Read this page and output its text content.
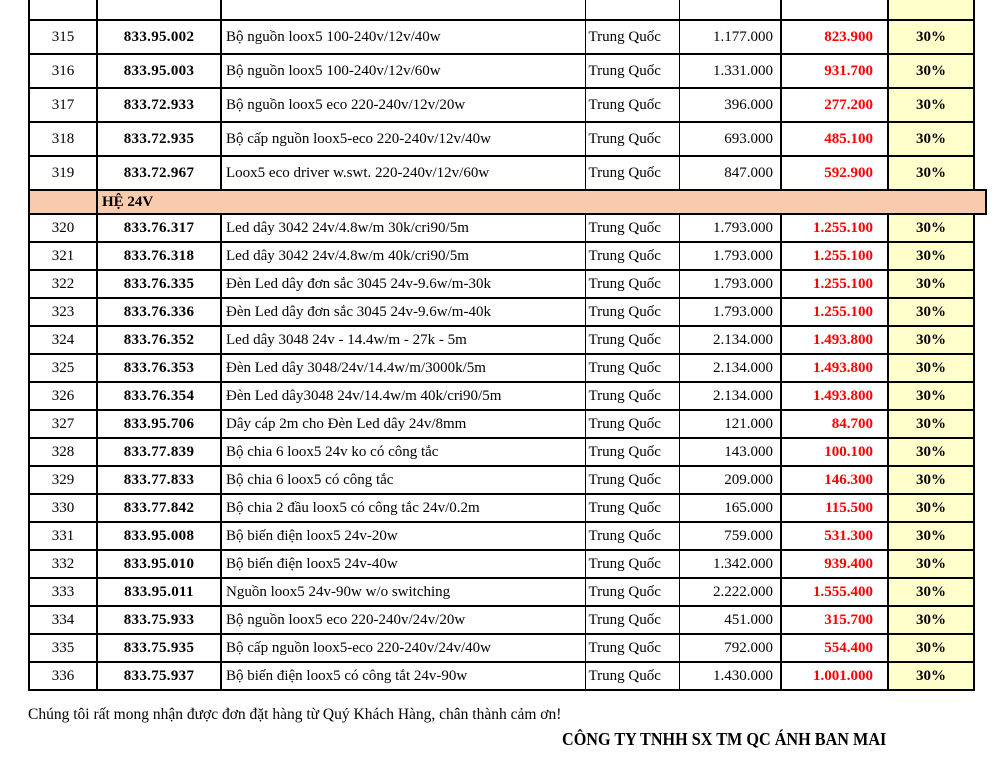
315	833.95.002	Bộ nguồn loox5 100-240v/12v/40w	Trung Quốc	1.177.000	823.900	30%	
316	833.95.003	Bộ nguồn loox5 100-240v/12v/60w	Trung Quốc	1.331.000	931.700	30%	
317	833.72.933	Bộ nguồn loox5 eco 220-240v/12v/20w	Trung Quốc	396.000	277.200	30%	
318	833.72.935	Bộ cấp nguồn loox5-eco 220-240v/12v/40w	Trung Quốc	693.000	485.100	30%	
319	833.72.967	Loox5 eco driver w.swt. 220-240v/12v/60w	Trung Quốc	847.000	592.900	30%	
	HỆ 24V						
320	833.76.317	Led dây 3042 24v/4.8w/m 30k/cri90/5m	Trung Quốc	1.793.000	1.255.100	30%	
321	833.76.318	Led dây 3042 24v/4.8w/m 40k/cri90/5m	Trung Quốc	1.793.000	1.255.100	30%	
322	833.76.335	Đèn Led dây đơn sắc 3045 24v-9.6w/m-30k	Trung Quốc	1.793.000	1.255.100	30%	
323	833.76.336	Đèn Led dây đơn sắc 3045 24v-9.6w/m-40k	Trung Quốc	1.793.000	1.255.100	30%	
324	833.76.352	Led dây 3048 24v - 14.4w/m - 27k - 5m	Trung Quốc	2.134.000	1.493.800	30%	
325	833.76.353	Đèn Led dây 3048/24v/14.4w/m/3000k/5m	Trung Quốc	2.134.000	1.493.800	30%	
326	833.76.354	Đèn Led dây3048 24v/14.4w/m 40k/cri90/5m	Trung Quốc	2.134.000	1.493.800	30%	
327	833.95.706	Dây cáp 2m cho Đèn Led dây 24v/8mm	Trung Quốc	121.000	84.700	30%	
328	833.77.839	Bộ chia 6 loox5 24v ko có công tắc	Trung Quốc	143.000	100.100	30%	
329	833.77.833	Bộ chia 6 loox5 có công tắc	Trung Quốc	209.000	146.300	30%	
330	833.77.842	Bộ chia 2 đầu loox5 có công tắc 24v/0.2m	Trung Quốc	165.000	115.500	30%	
331	833.95.008	Bộ biến điện loox5 24v-20w	Trung Quốc	759.000	531.300	30%	
332	833.95.010	Bộ biến điện loox5 24v-40w	Trung Quốc	1.342.000	939.400	30%	
333	833.95.011	Nguồn loox5 24v-90w w/o switching	Trung Quốc	2.222.000	1.555.400	30%	
334	833.75.933	Bộ nguồn loox5 eco 220-240v/24v/20w	Trung Quốc	451.000	315.700	30%	
335	833.75.935	Bộ cấp nguồn loox5-eco 220-240v/24v/40w	Trung Quốc	792.000	554.400	30%	
336	833.75.937	Bộ biến điện loox5 có công tắt 24v-90w	Trung Quốc	1.430.000	1.001.000	30%	
Chúng tôi rất mong nhận được đơn đặt hàng từ Quý Khách Hàng, chân thành cảm ơn!
CÔNG TY TNHH SX TM QC ÁNH BAN MAI
